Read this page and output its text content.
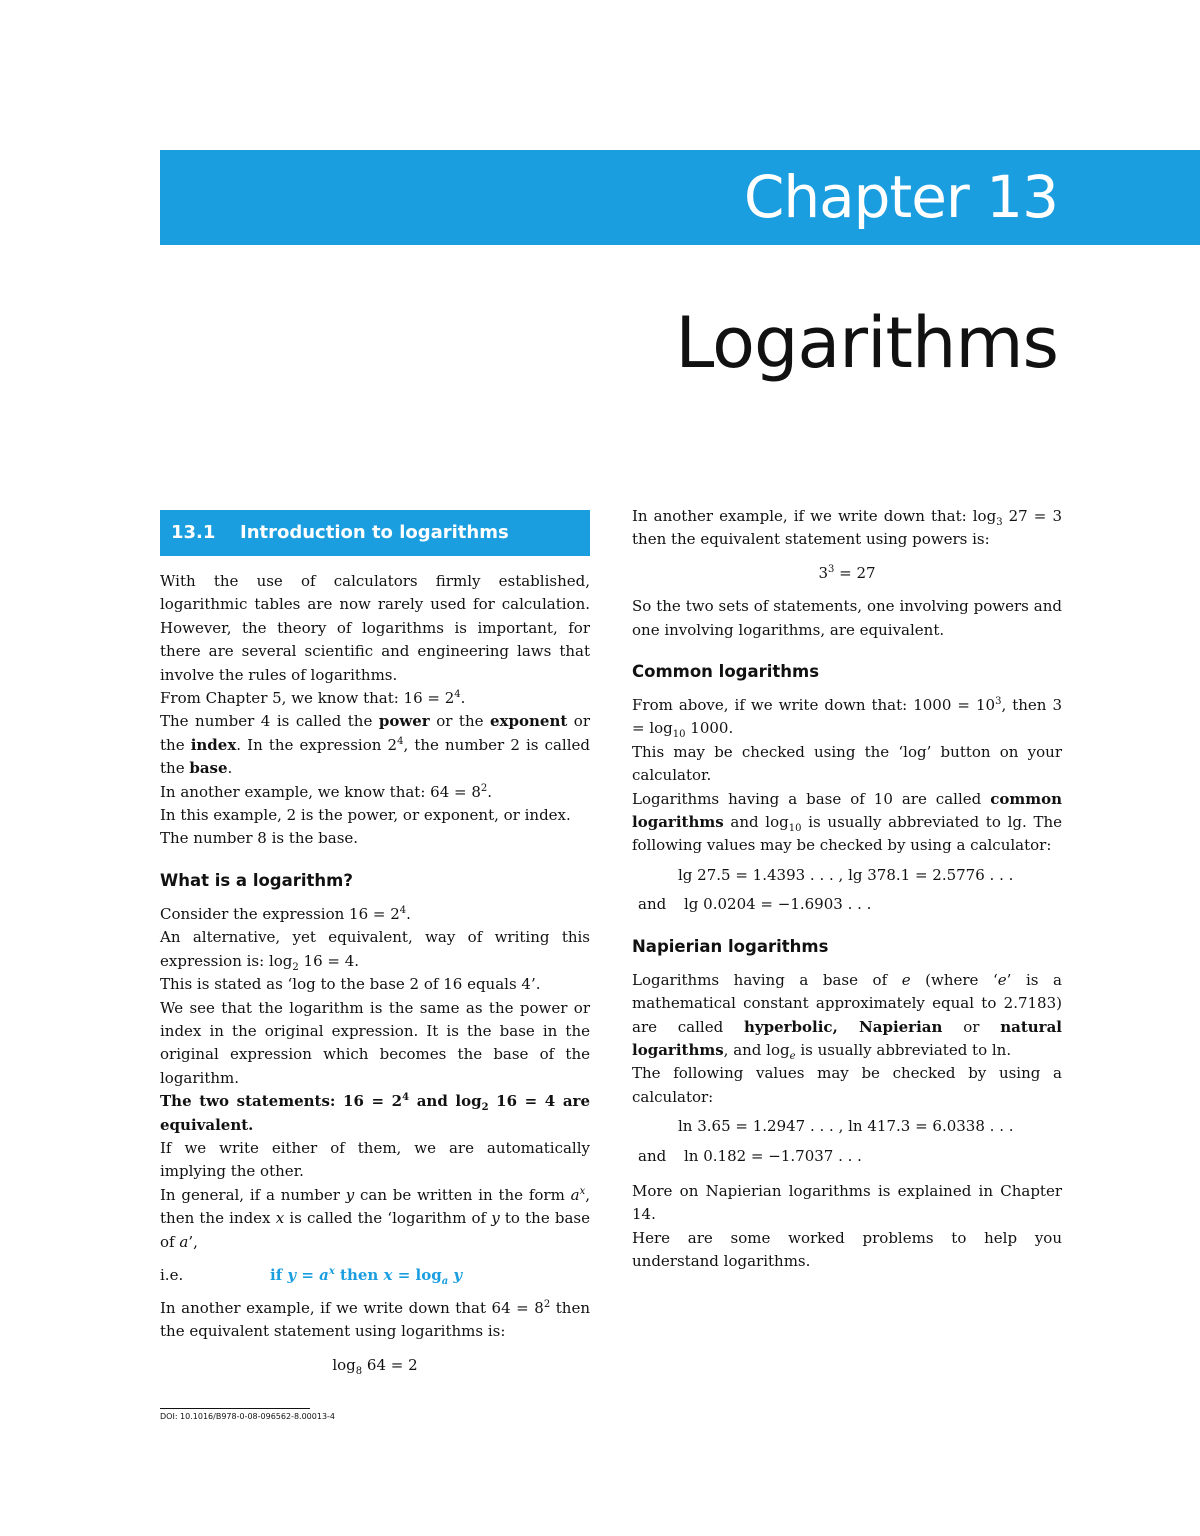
Chapter 13
Logarithms
13.1 Introduction to logarithms

With the use of calculators firmly established, logarithmic tables are now rarely used for calculation. However, the theory of logarithms is important, for there are several scientific and engineering laws that involve the rules of logarithms.

From Chapter 5, we know that: $16 = 2^4$.

The number 4 is called the power or the exponent or the index. In the expression $2^4$, the number 2 is called the base.

In another example, we know that: $64 = 8^2$.

In this example, 2 is the power, or exponent, or index.

The number 8 is the base.

What is a logarithm?

Consider the expression $16 = 2^4$.

An alternative, yet equivalent, way of writing this expression is: $\log_2 16 = 4$.

This is stated as ‘log to the base 2 of 16 equals 4’.

We see that the logarithm is the same as the power or index in the original expression. It is the base in the original expression which becomes the base of the logarithm.

The two statements: $16 = 2^4$ and $\log_2 16 = 4$ are equivalent.

If we write either of them, we are automatically implying the other.

In general, if a number y can be written in the form $a^x$, then the index x is called the ‘logarithm of y to the base of a’,

i.e.	if $y = a^x$ then $x = \log_a y$

In another example, if we write down that $64 = 8^2$ then the equivalent statement using logarithms is:

$\log_8 64 = 2$

In another example, if we write down that: $\log_3 27 = 3$ then the equivalent statement using powers is:

$3^3 = 27$

So the two sets of statements, one involving powers and one involving logarithms, are equivalent.

Common logarithms

From above, if we write down that: $1000 = 10^3$, then $3 = \log_{10} 1000$.

This may be checked using the ‘log’ button on your calculator.

Logarithms having a base of 10 are called common logarithms and $\log_{10}$ is usually abbreviated to lg. The following values may be checked by using a calculator:

lg 27.5 = 1.4393 . . . , lg 378.1 = 2.5776 . . .

and lg 0.0204 = −1.6903 . . .

Napierian logarithms

Logarithms having a base of e (where ‘e’ is a mathematical constant approximately equal to 2.7183) are called hyperbolic, Napierian or natural logarithms, and $\log_e$ is usually abbreviated to ln.

The following values may be checked by using a calculator:

ln 3.65 = 1.2947 . . . , ln 417.3 = 6.0338 . . .

and ln 0.182 = −1.7037 . . .

More on Napierian logarithms is explained in Chapter 14.

Here are some worked problems to help you understand logarithms.

DOI: 10.1016/B978-0-08-096562-8.00013-4
